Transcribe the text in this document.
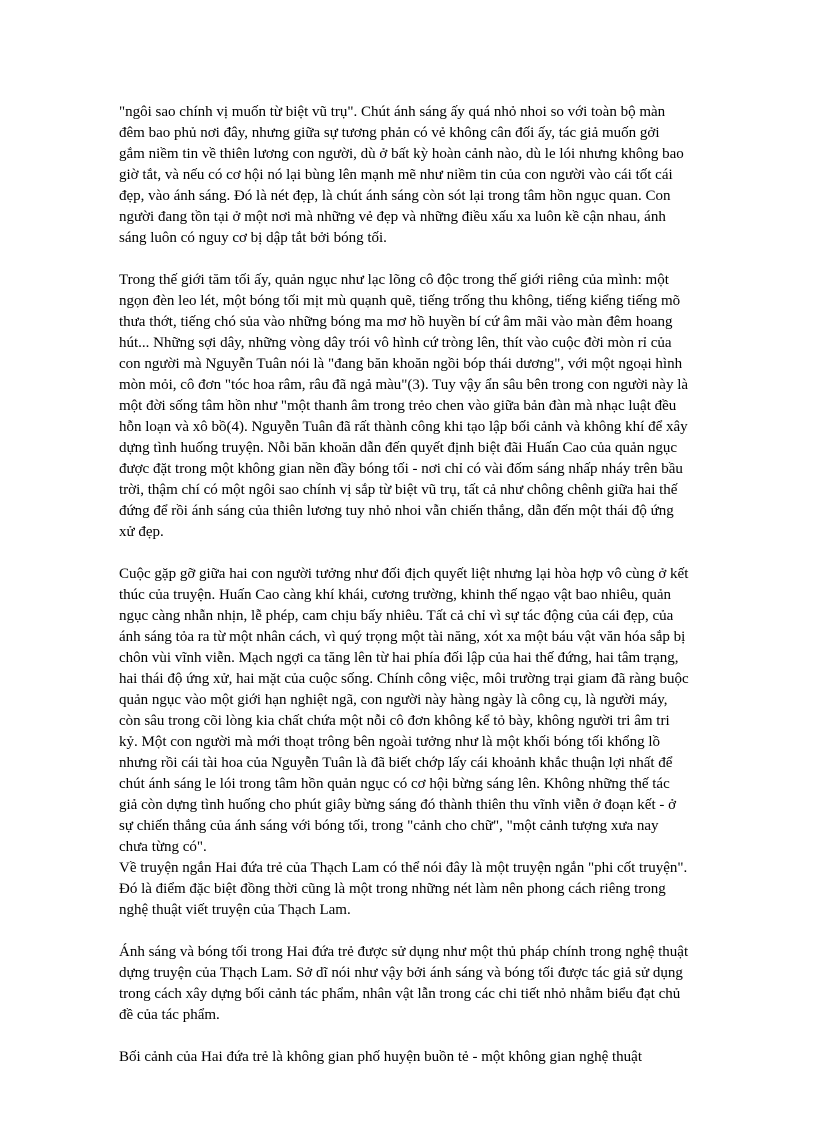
"ngôi sao chính vị muốn từ biệt vũ trụ". Chút ánh sáng ấy quá nhỏ nhoi so với toàn bộ màn đêm bao phủ nơi đây, nhưng giữa sự tương phản có vẻ không cân đối ấy, tác giả muốn gởi gắm niềm tin về thiên lương con người, dù ở bất kỳ hoàn cảnh nào, dù le lói nhưng không bao giờ tắt, và nếu có cơ hội nó lại bùng lên mạnh mẽ như niềm tin của con người vào cái tốt cái đẹp, vào ánh sáng. Đó là nét đẹp, là chút ánh sáng còn sót lại trong tâm hồn ngục quan. Con người đang tồn tại ở một nơi mà những vẻ đẹp và những điều xấu xa luôn kề cận nhau, ánh sáng luôn có nguy cơ bị dập tắt bởi bóng tối.

Trong thế giới tăm tối ấy, quản ngục như lạc lõng cô độc trong thế giới riêng của mình: một ngọn đèn leo lét, một bóng tối mịt mù quạnh quẽ, tiếng trống thu không, tiếng kiểng tiếng mõ thưa thớt, tiếng chó sủa vào những bóng ma mơ hồ huyền bí cứ âm mãi vào màn đêm hoang hút... Những sợi dây, những vòng dây trói vô hình cứ tròng lên, thít vào cuộc đời mòn rỉ của con người mà Nguyễn Tuân nói là "đang băn khoăn ngồi bóp thái dương", với một ngoại hình mòn mỏi, cô đơn "tóc hoa râm, râu đã ngả màu"(3). Tuy vậy ẩn sâu bên trong con người này là một đời sống tâm hồn như "một thanh âm trong trẻo chen vào giữa bản đàn mà nhạc luật đều hỗn loạn và xô bồ(4). Nguyễn Tuân đã rất thành công khi tạo lập bối cảnh và không khí để xây dựng tình huống truyện. Nỗi băn khoăn dẫn đến quyết định biệt đãi Huấn Cao của quản ngục được đặt trong một không gian nền đầy bóng tối - nơi chỉ có vài đốm sáng nhấp nháy trên bầu trời, thậm chí có một ngôi sao chính vị sắp từ biệt vũ trụ, tất cả như chông chênh giữa hai thế đứng để rồi ánh sáng của thiên lương tuy nhỏ nhoi vẫn chiến thắng, dẫn đến một thái độ ứng xử đẹp.

Cuộc gặp gỡ giữa hai con người tưởng như đối địch quyết liệt nhưng lại hòa hợp vô cùng ở kết thúc của truyện. Huấn Cao càng khí khái, cương trường, khinh thế ngạo vật bao nhiêu, quản ngục càng nhẫn nhịn, lễ phép, cam chịu bấy nhiêu. Tất cả chỉ vì sự tác động của cái đẹp, của ánh sáng tỏa ra từ một nhân cách, vì quý trọng một tài năng, xót xa một báu vật văn hóa sắp bị chôn vùi vĩnh viễn. Mạch ngợi ca tăng lên từ hai phía đối lập của hai thế đứng, hai tâm trạng, hai thái độ ứng xử, hai mặt của cuộc sống. Chính công việc, môi trường trại giam đã ràng buộc quản ngục vào một giới hạn nghiệt ngã, con người này hàng ngày là công cụ, là người máy, còn sâu trong cõi lòng kia chất chứa một nỗi cô đơn không kể tỏ bày, không người tri âm tri kỷ. Một con người mà mới thoạt trông bên ngoài tưởng như là một khối bóng tối khổng lồ nhưng rồi cái tài hoa của Nguyễn Tuân là đã biết chớp lấy cái khoảnh khắc thuận lợi nhất để chút ánh sáng le lói trong tâm hồn quản ngục có cơ hội bừng sáng lên. Không những thế tác giả còn dựng tình huống cho phút giây bừng sáng đó thành thiên thu vĩnh viễn ở đoạn kết - ở sự chiến thắng của ánh sáng với bóng tối, trong "cảnh cho chữ", "một cảnh tượng xưa nay chưa từng có".

Về truyện ngắn Hai đứa trẻ của Thạch Lam có thể nói đây là một truyện ngắn "phi cốt truyện". Đó là điểm đặc biệt đồng thời cũng là một trong những nét làm nên phong cách riêng trong nghệ thuật viết truyện của Thạch Lam.

Ánh sáng và bóng tối trong Hai đứa trẻ được sử dụng như một thủ pháp chính trong nghệ thuật dựng truyện của Thạch Lam. Sở dĩ nói như vậy bởi ánh sáng và bóng tối được tác giả sử dụng trong cách xây dựng bối cảnh tác phẩm, nhân vật lẫn trong các chi tiết nhỏ nhằm biểu đạt chủ đề của tác phẩm.

Bối cảnh của Hai đứa trẻ là không gian phố huyện buồn tẻ - một không gian nghệ thuật
